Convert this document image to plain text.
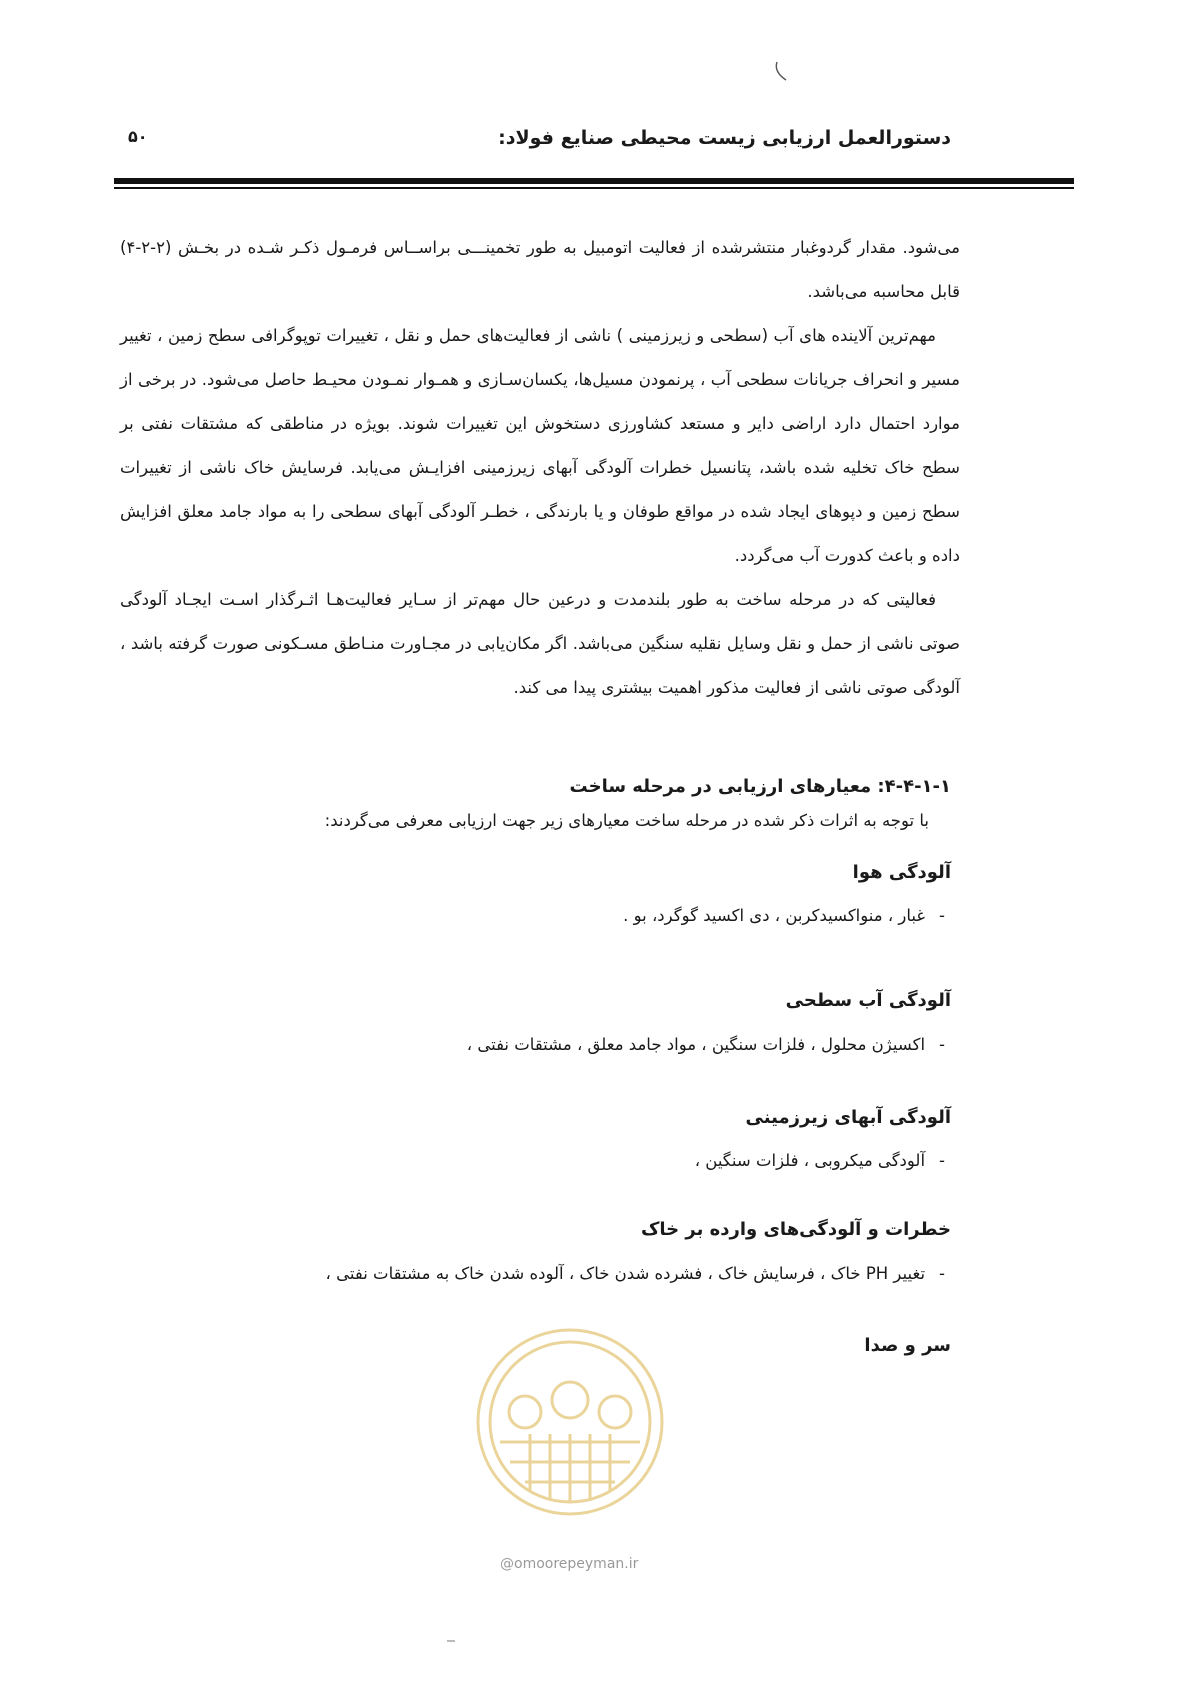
دستورالعمل ارزیابی زیست محیطی صنایع فولاد:
۵۰

می‌شود. مقدار گردوغبار منتشرشده از فعالیت اتومبیل به طور تخمینـــی براســاس فرمـول ذکـر شـده در بخـش (۲-۲-۴) قابل محاسبه می‌باشد.

مهم‌ترین آلاینده های آب (سطحی و زیرزمینی ) ناشی از فعالیت‌های حمل و نقل ، تغییرات توپوگرافی سطح زمین ، تغییر مسیر و انحراف جریانات سطحی آب ، پرنمودن مسیل‌ها، یکسان‌سـازی و همـوار نمـودن محیـط حاصل می‌شود. در برخی از موارد احتمال دارد اراضی دایر و مستعد کشاورزی دستخوش این تغییرات شوند. بویژه در مناطقی که مشتقات نفتی بر سطح خاک تخلیه شده باشد، پتانسیل خطرات آلودگی آبهای زیرزمینی افزایـش می‌یابد. فرسایش خاک ناشی از تغییرات سطح زمین و دپوهای ایجاد شده در مواقع طوفان و یا بارندگی ، خطـر آلودگی آبهای سطحی را به مواد جامد معلق افزایش داده و باعث کدورت آب می‌گردد.

فعالیتی که در مرحله ساخت به طور بلندمدت و درعین حال مهم‌تر از سـایر فعالیت‌هـا اثـرگذار اسـت ایجـاد آلودگی صوتی ناشی از حمل و نقل وسایل نقلیه سنگین می‌باشد. اگر مکان‌یابی در مجـاورت منـاطق مسـکونی صورت گرفته باشد ، آلودگی صوتی ناشی از فعالیت مذکور اهمیت بیشتری پیدا می کند.

۴-۴-۱-۱: معیارهای ارزیابی در مرحله ساخت
با توجه به اثرات ذکر شده در مرحله ساخت معیارهای زیر جهت ارزیابی معرفی می‌گردند:
آلودگی هوا
-غبار ، منواکسیدکربن ، دی اکسید گوگرد، بو .
آلودگی آب سطحی
-اکسیژن محلول ، فلزات سنگین ، مواد جامد معلق ، مشتقات نفتی ،
آلودگی آبهای زیرزمینی
-آلودگی میکروبی ، فلزات سنگین ،
خطرات و آلودگی‌های وارده بر خاک
-تغییر PH خاک ، فرسایش خاک ، فشرده شدن خاک ، آلوده شدن خاک به مشتقات نفتی ،
سر و صدا
@omoorepeyman.ir
